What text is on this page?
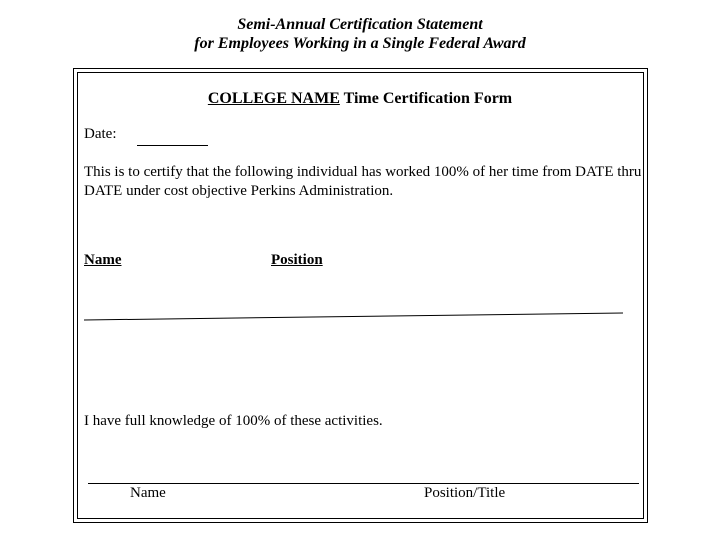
Semi-Annual Certification Statement
for Employees Working in a Single Federal Award
COLLEGE NAME Time Certification Form
Date:
This is to certify that the following individual has worked 100% of her time from DATE thru DATE under cost objective Perkins Administration.
Name	Position
I have full knowledge of 100% of these activities.
Name	Position/Title
